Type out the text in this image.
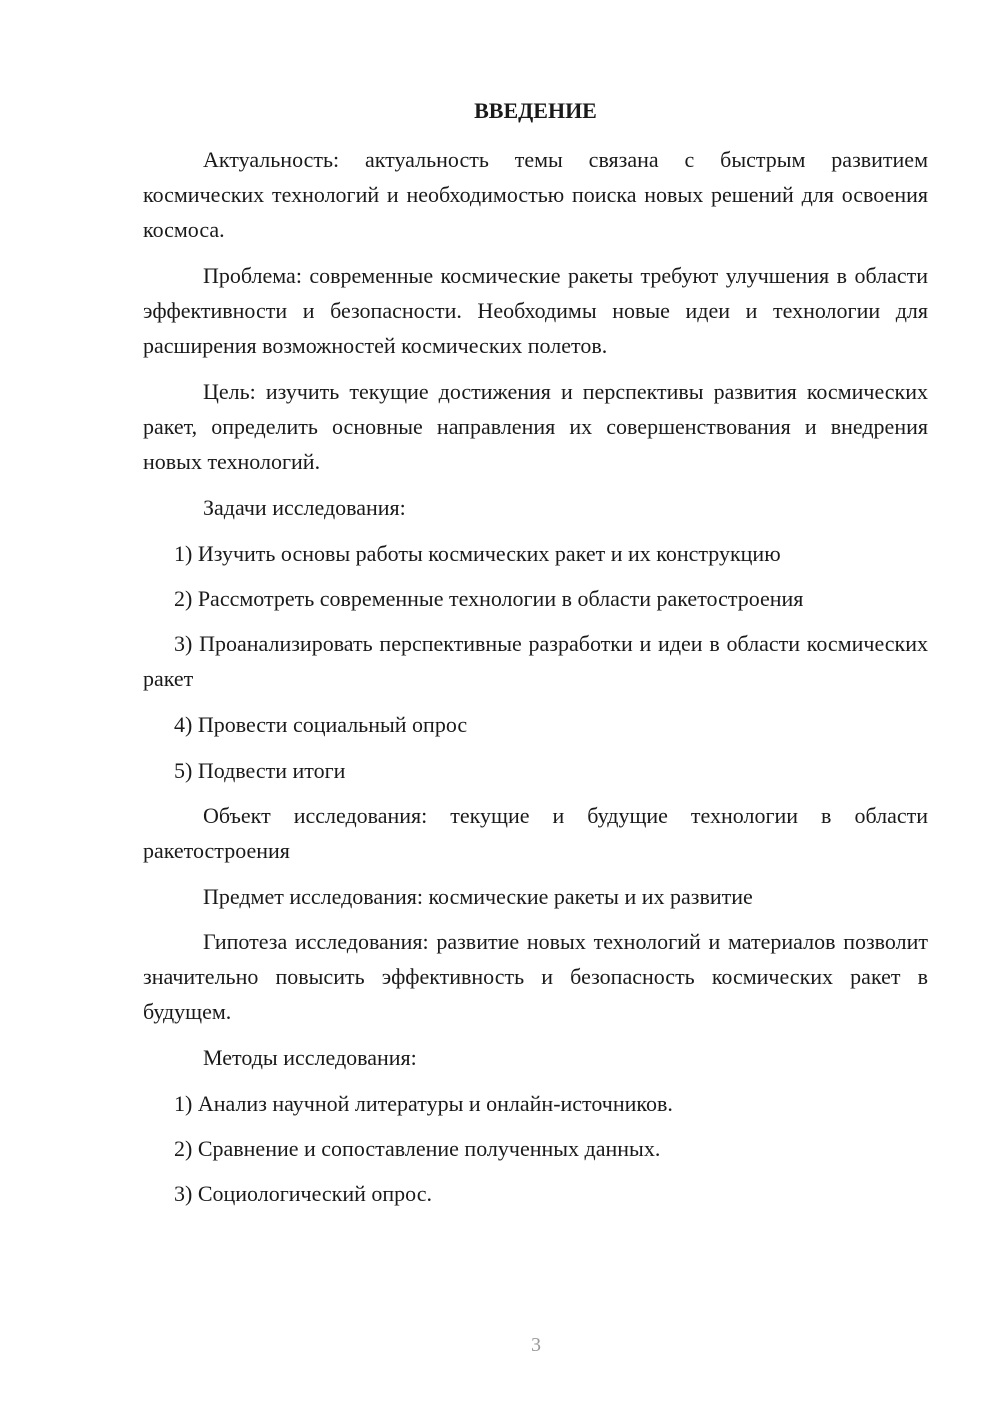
ВВЕДЕНИЕ
Актуальность: актуальность темы связана с быстрым развитием космических технологий и необходимостью поиска новых решений для освоения космоса.
Проблема: современные космические ракеты требуют улучшения в области эффективности и безопасности. Необходимы новые идеи и технологии для расширения возможностей космических полетов.
Цель: изучить текущие достижения и перспективы развития космических ракет, определить основные направления их совершенствования и внедрения новых технологий.
Задачи исследования:
1) Изучить основы работы космических ракет и их конструкцию
2) Рассмотреть современные технологии в области ракетостроения
3) Проанализировать перспективные разработки и идеи в области космических ракет
4) Провести социальный опрос
5) Подвести итоги
Объект исследования: текущие и будущие технологии в области ракетостроения
Предмет исследования: космические ракеты и их развитие
Гипотеза исследования: развитие новых технологий и материалов позволит значительно повысить эффективность и безопасность космических ракет в будущем.
Методы исследования:
1) Анализ научной литературы и онлайн-источников.
2) Сравнение и сопоставление полученных данных.
3) Социологический опрос.
3
